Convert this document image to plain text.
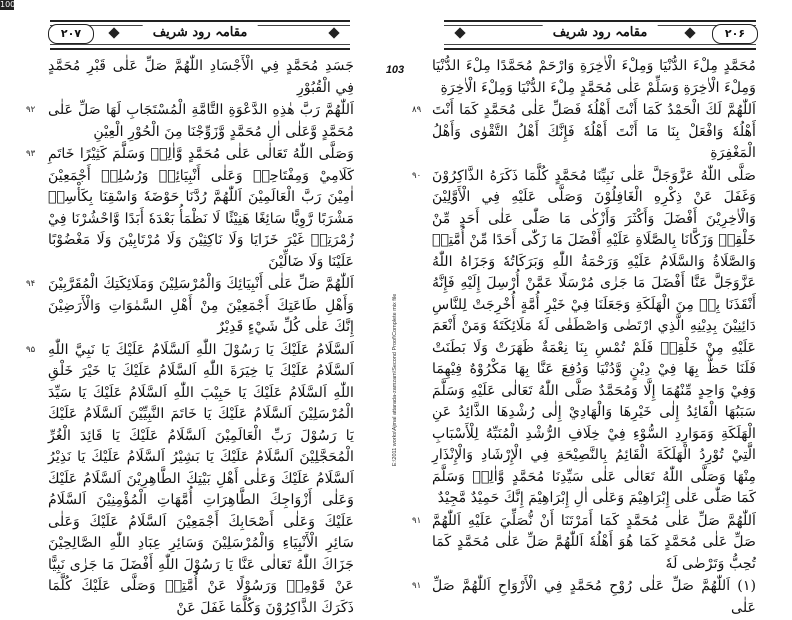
100
۲۰۷	مقامہ رود شریف
جَسَدِ مُحَمَّدٍ فِي الْأَجْسَادِ اللّٰهُمَّ صَلِّ عَلٰى قَبْرِ مُحَمَّدٍ فِي الْقُبُوْرِ
۹۲ اَللّٰهُمَّ رَبَّ هٰذِهِ الدَّعْوَةِ التَّامَّةِ الْمُسْتَجَابِ لَهَا صَلِّ عَلٰى مُحَمَّدٍ وَّعَلٰى اٰلِ مُحَمَّدٍ وَّزَوِّجْنَا مِنَ الْحُوْرِ الْعِيْنِ
۹۳ وَصَلَّى اللّٰهُ تَعَالٰى عَلٰى مُحَمَّدٍ وَّاٰلِهٖ وَسَلَّمَ كَثِيْرًا خَاتَمِ كَلَامِيْ وَمِفْتَاحِهٖ وَعَلٰى أَنْبِيَائِهٖ وَرُسُلِهٖ أَجْمَعِيْنَ اٰمِيْنَ رَبَّ الْعَالَمِيْنَ اَللّٰهُمَّ رُدَّنَا حَوْضَهٗ وَاسْقِنَا بِكَأْسِهٖ مَشْرَبًا رَّوِيًّا سَائِغًا هَنِيْئًا لَا نَظْمَأُ بَعْدَهٗ أَبَدًا وَّاحْشُرْنَا فِيْ زُمْرَتِهٖ غَيْرَ خَزَايَا وَلَا نَاكِثِيْنَ وَلَا مُرْتَابِيْنَ وَلَا مَغْضُوْبًا عَلَيْنَا وَلَا ضَالِّيْنَ
۹۴ اَللّٰهُمَّ صَلِّ عَلٰى أَنْبِيَائِكَ وَالْمُرْسَلِيْنَ وَمَلَائِكَتِكَ الْمُقَرَّبِيْنَ وَأَهْلِ طَاعَتِكَ أَجْمَعِيْنَ مِنْ أَهْلِ السَّمٰوَاتِ وَالْأَرَضِيْنَ إِنَّكَ عَلٰى كُلِّ شَيْءٍ قَدِيْرٌ
۹۵ اَلسَّلَامُ عَلَيْكَ يَا رَسُوْلَ اللّٰهِ اَلسَّلَامُ عَلَيْكَ يَا نَبِيَّ اللّٰهِ اَلسَّلَامُ عَلَيْكَ يَا خِيَرَةَ اللّٰهِ اَلسَّلَامُ عَلَيْكَ يَا خَيْرَ خَلْقِ اللّٰهِ اَلسَّلَامُ عَلَيْكَ يَا حَبِيْبَ اللّٰهِ اَلسَّلَامُ عَلَيْكَ يَا سَيِّدَ الْمُرْسَلِيْنَ اَلسَّلَامُ عَلَيْكَ يَا خَاتَمَ النَّبِيِّيْنَ اَلسَّلَامُ عَلَيْكَ يَا رَسُوْلَ رَبِّ الْعَالَمِيْنَ اَلسَّلَامُ عَلَيْكَ يَا قَائِدَ الْغُرِّ الْمُحَجَّلِيْنَ اَلسَّلَامُ عَلَيْكَ يَا بَشِيْرُ اَلسَّلَامُ عَلَيْكَ يَا نَذِيْرُ اَلسَّلَامُ عَلَيْكَ وَعَلٰى أَهْلِ بَيْتِكَ الطَّاهِرِيْنَ اَلسَّلَامُ عَلَيْكَ وَعَلٰى أَزْوَاجِكَ الطَّاهِرَاتِ أُمَّهَاتِ الْمُؤْمِنِيْنَ اَلسَّلَامُ عَلَيْكَ وَعَلٰى أَصْحَابِكَ أَجْمَعِيْنَ اَلسَّلَامُ عَلَيْكَ وَعَلٰى سَائِرِ الْأَنْبِيَاءِ وَالْمُرْسَلِيْنَ وَسَائِرِ عِبَادِ اللّٰهِ الصَّالِحِيْنَ جَزَاكَ اللّٰهُ تَعَالٰى عَنَّا يَا رَسُوْلَ اللّٰهِ أَفْضَلَ مَا جَزٰى نَبِيًّا عَنْ قَوْمِهٖ وَرَسُوْلًا عَنْ أُمَّتِهٖ وَصَلَّى عَلَيْكَ كُلَّمَا ذَكَرَكَ الذَّاكِرُوْنَ وَكُلَّمَا غَفَلَ عَنْ
103
E:\2011 works\Ajmal attarada-zamzam\Second Proof\Complete mix file
مقامہ رود شریف	۲۰۶
مُحَمَّدٍ مِلْءَ الدُّنْيَا وَمِلْءَ الْاٰخِرَةِ وَارْحَمْ مُحَمَّدًا مِلْءَ الدُّنْيَا وَمِلْءَ الْاٰخِرَةِ وَسَلِّمْ عَلٰى مُحَمَّدٍ مِلْءَ الدُّنْيَا وَمِلْءَ الْاٰخِرَةِ
۸۹ اَللّٰهُمَّ لَكَ الْحَمْدُ كَمَا أَنْتَ أَهْلُهٗ فَصَلِّ عَلٰى مُحَمَّدٍ كَمَا أَنْتَ أَهْلُهٗ وَافْعَلْ بِنَا مَا أَنْتَ أَهْلُهٗ فَإِنَّكَ أَهْلُ التَّقْوٰى وَأَهْلُ الْمَغْفِرَةِ
۹۰ صَلَّى اللّٰهُ عَزَّوَجَلَّ عَلٰى نَبِيِّنَا مُحَمَّدٍ كُلَّمَا ذَكَرَهُ الذَّاكِرُوْنَ وَغَفَلَ عَنْ ذِكْرِهِ الْغَافِلُوْنَ وَصَلَّى عَلَيْهِ فِي الْأَوَّلِيْنَ وَالْاٰخِرِيْنَ أَفْضَلَ وَأَكْثَرَ وَأَزْكٰى مَا صَلّٰى عَلٰى أَحَدٍ مِّنْ خَلْقِهٖ وَزَكَّانَا بِالصَّلَاةِ عَلَيْهِ أَفْضَلَ مَا زَكّٰى أَحَدًا مِّنْ أُمَّتِهٖ وَالصَّلَاةُ وَالسَّلَامُ عَلَيْهِ وَرَحْمَةُ اللّٰهِ وَبَرَكَاتُهٗ وَجَزَاهُ اللّٰهُ عَزَّوَجَلَّ عَنَّا أَفْضَلَ مَا جَزٰى مُرْسَلًا عَمَّنْ أُرْسِلَ إِلَيْهِ فَإِنَّهُ أَنْقَذَنَا بِهٖ مِنَ الْهَلَكَةِ وَجَعَلَنَا فِيْ خَيْرِ أُمَّةٍ أُخْرِجَتْ لِلنَّاسِ دَائِنِيْنَ بِدِيْنِهِ الَّذِي ارْتَضٰى وَاصْطَفٰى لَهٗ مَلَائِكَتَهٗ وَمَنْ أَنْعَمَ عَلَيْهِ مِنْ خَلْقِهٖ فَلَمْ تُمْسِ بِنَا نِعْمَةٌ ظَهَرَتْ وَلَا بَطَنَتْ فَلَنَا حَظٌّ بِهَا فِيْ دِيْنٍ وَّدُنْيَا وَدُفِعَ عَنَّا بِهَا مَكْرُوْهٌ فِيْهِمَا وَفِيْ وَاحِدٍ مِّنْهُمَا إِلَّا وَمُحَمَّدٌ صَلَّى اللّٰهُ تَعَالٰى عَلَيْهِ وَسَلَّمَ سَبَبُهَا الْقَائِدُ إِلٰى خَيْرِهَا وَالْهَادِيْ إِلٰى رُشْدِهَا الذَّائِدُ عَنِ الْهَلَكَةِ وَمَوَارِدِ السُّوْءِ فِيْ خِلَافِ الرُّشْدِ الْمُنَبِّهُ لِلْأَسْبَابِ الَّتِيْ تُوْرِدُ الْهَلَكَةَ الْقَائِمُ بِالنَّصِيْحَةِ فِي الْإِرْشَادِ وَالْإِنْذَارِ مِنْهَا وَصَلَّى اللّٰهُ تَعَالٰى عَلٰى سَيِّدِنَا مُحَمَّدٍ وَّاٰلِهٖ وَسَلَّمَ كَمَا صَلّٰى عَلٰى إِبْرَاهِيْمَ وَعَلٰى اٰلِ إِبْرَاهِيْمَ إِنَّكَ حَمِيْدٌ مَّجِيْدٌ
۹۱ اَللّٰهُمَّ صَلِّ عَلٰى مُحَمَّدٍ كَمَا أَمَرْتَنَا أَنْ نُّصَلِّيَ عَلَيْهِ اَللّٰهُمَّ صَلِّ عَلٰى مُحَمَّدٍ كَمَا هُوَ أَهْلُهٗ اَللّٰهُمَّ صَلِّ عَلٰى مُحَمَّدٍ كَمَا تُحِبُّ وَتَرْضٰى لَهٗ
۹۱ (۱) اَللّٰهُمَّ صَلِّ عَلٰى رُوْحِ مُحَمَّدٍ فِي الْأَرْوَاحِ اَللّٰهُمَّ صَلِّ عَلٰى
